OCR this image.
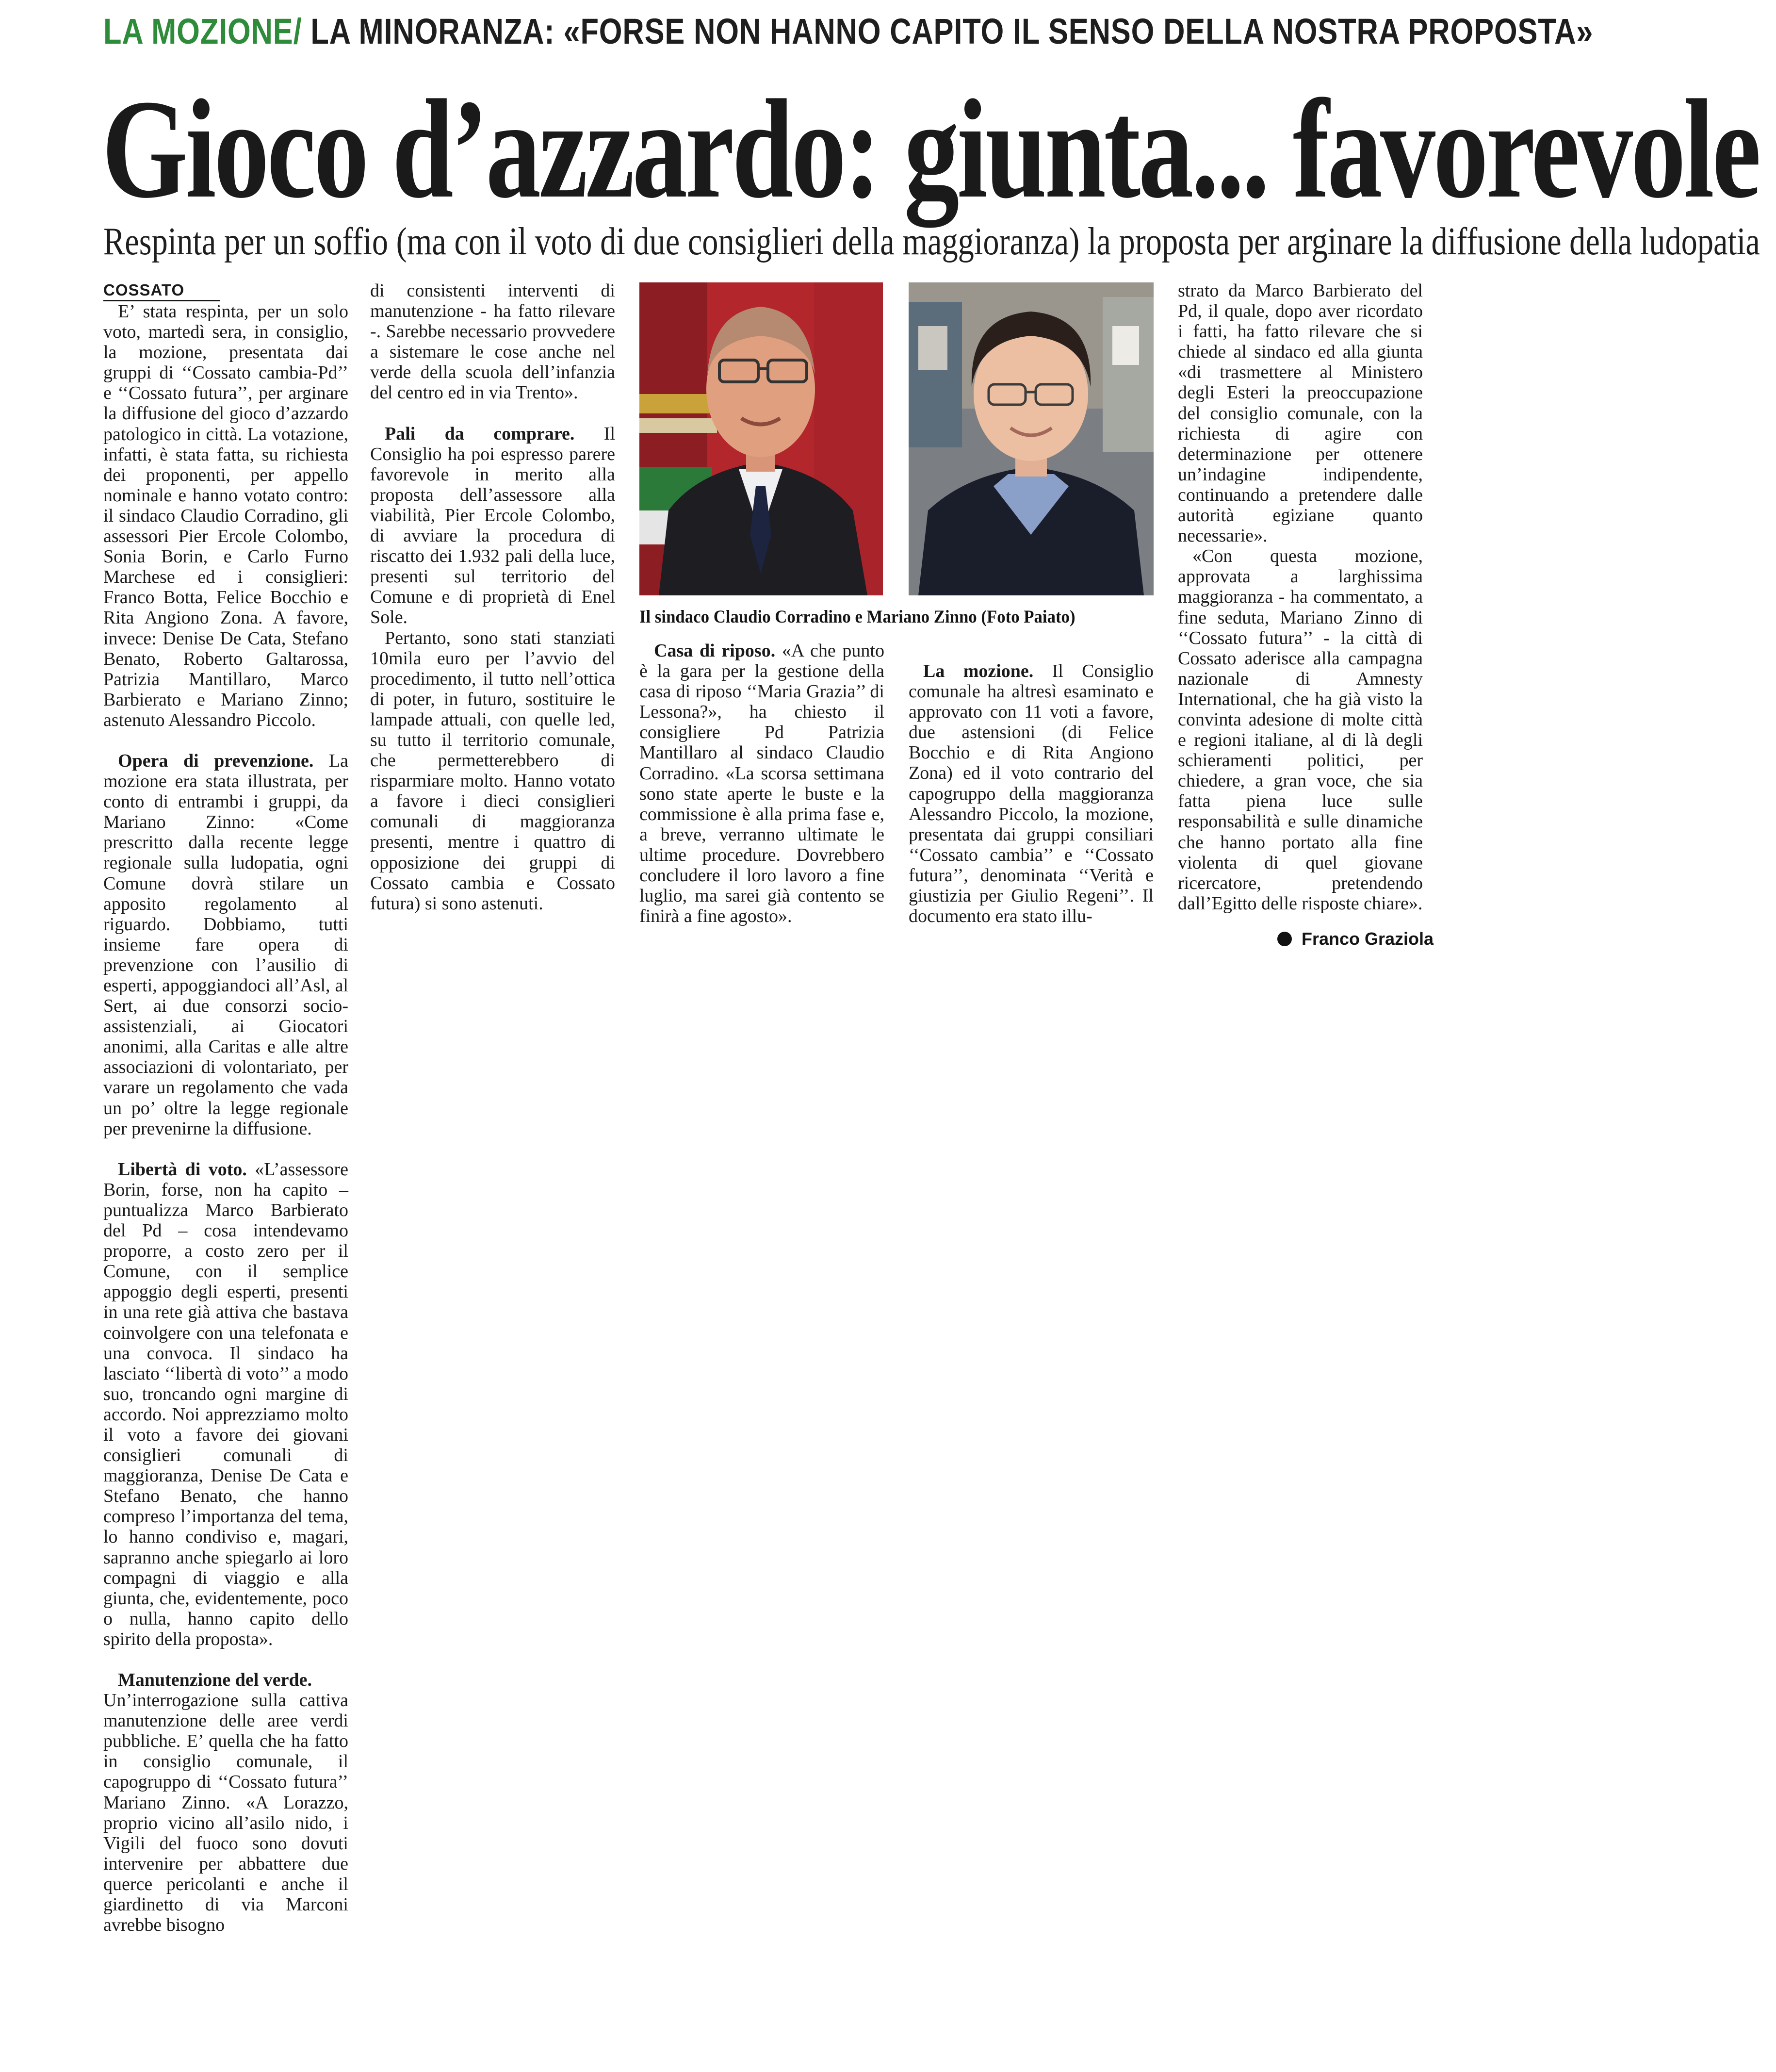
LA MOZIONE/ LA MINORANZA: «FORSE NON HANNO CAPITO IL SENSO DELLA NOSTRA PROPOSTA»
Gioco d’azzardo: giunta... favorevole
Respinta per un soffio (ma con il voto di due consiglieri della maggioranza) la proposta per arginare la diffusione della ludopatia
COSSATO

E’ stata respinta, per un solo voto, martedì sera, in consiglio, la mozione, presentata dai gruppi di ‘‘Cossato cambia-Pd’’ e ‘‘Cossato futura’’, per arginare la diffusione del gioco d’azzardo patologico in città. La votazione, infatti, è stata fatta, su richiesta dei proponenti, per appello nominale e hanno votato contro: il sindaco Claudio Corradino, gli assessori Pier Ercole Colombo, Sonia Borin, e Carlo Furno Marchese ed i consiglieri: Franco Botta, Felice Bocchio e Rita Angiono Zona. A favore, invece: Denise De Cata, Stefano Benato, Roberto Galtarossa, Patrizia Mantillaro, Marco Barbierato e Mariano Zinno; astenuto Alessandro Piccolo.

Opera di prevenzione. La mozione era stata illustrata, per conto di entrambi i gruppi, da Mariano Zinno: «Come prescritto dalla recente legge regionale sulla ludopatia, ogni Comune dovrà stilare un apposito regolamento al riguardo. Dobbiamo, tutti insieme fare opera di prevenzione con l’ausilio di esperti, appoggiandoci all’Asl, al Sert, ai due consorzi socio-assistenziali, ai Giocatori anonimi, alla Caritas e alle altre associazioni di volontariato, per varare un regolamento che vada un po’ oltre la legge regionale per prevenirne la diffusione.

Libertà di voto. «L’assessore Borin, forse, non ha capito – puntualizza Marco Barbierato del Pd – cosa intendevamo proporre, a costo zero per il Comune, con il semplice appoggio degli esperti, presenti in una rete già attiva che bastava coinvolgere con una telefonata e una convoca. Il sindaco ha lasciato ‘‘libertà di voto’’ a modo suo, troncando ogni margine di accordo. Noi apprezziamo molto il voto a favore dei giovani consiglieri comunali di maggioranza, Denise De Cata e Stefano Benato, che hanno compreso l’importanza del tema, lo hanno condiviso e, magari, sapranno anche spiegarlo ai loro compagni di viaggio e alla giunta, che, evidentemente, poco o nulla, hanno capito dello spirito della proposta».

Manutenzione del verde.

Un’interrogazione sulla cattiva manutenzione delle aree verdi pubbliche. E’ quella che ha fatto in consiglio comunale, il capogruppo di ‘‘Cossato futura’’ Mariano Zinno. «A Lorazzo, proprio vicino all’asilo nido, i Vigili del fuoco sono dovuti intervenire per abbattere due querce pericolanti e anche il giardinetto di via Marconi avrebbe bisogno

di consistenti interventi di manutenzione - ha fatto rilevare -. Sarebbe necessario provvedere a sistemare le cose anche nel verde della scuola dell’infanzia del centro ed in via Trento».

Pali da comprare. Il Consiglio ha poi espresso parere favorevole in merito alla proposta dell’assessore alla viabilità, Pier Ercole Colombo, di avviare la procedura di riscatto dei 1.932 pali della luce, presenti sul territorio del Comune e di proprietà di Enel Sole.

Pertanto, sono stati stanziati 10mila euro per l’avvio del procedimento, il tutto nell’ottica di poter, in futuro, sostituire le lampade attuali, con quelle led, su tutto il territorio comunale, che permetterebbero di risparmiare molto. Hanno votato a favore i dieci consiglieri comunali di maggioranza presenti, mentre i quattro di opposizione dei gruppi di Cossato cambia e Cossato futura) si sono astenuti.

Il sindaco Claudio Corradino e Mariano Zinno (Foto Paiato)

Casa di riposo. «A che punto è la gara per la gestione della casa di riposo ‘‘Maria Grazia’’ di Lessona?», ha chiesto il consigliere Pd Patrizia Mantillaro al sindaco Claudio Corradino. «La scorsa settimana sono state aperte le buste e la commissione è alla prima fase e, a breve, verranno ultimate le ultime procedure. Dovrebbero concludere il loro lavoro a fine luglio, ma sarei già contento se finirà a fine agosto».

La mozione. Il Consiglio comunale ha altresì esaminato e approvato con 11 voti a favore, due astensioni (di Felice Bocchio e di Rita Angiono Zona) ed il voto contrario del capogruppo della maggioranza Alessandro Piccolo, la mozione, presentata dai gruppi consiliari ‘‘Cossato cambia’’ e ‘‘Cossato futura’’, denominata ‘‘Verità e giustizia per Giulio Regeni’’. Il documento era stato illu-

strato da Marco Barbierato del Pd, il quale, dopo aver ricordato i fatti, ha fatto rilevare che si chiede al sindaco ed alla giunta «di trasmettere al Ministero degli Esteri la preoccupazione del consiglio comunale, con la richiesta di agire con determinazione per ottenere un’indagine indipendente, continuando a pretendere dalle autorità egiziane quanto necessarie».

«Con questa mozione, approvata a larghissima maggioranza - ha commentato, a fine seduta, Mariano Zinno di ‘‘Cossato futura’’ - la città di Cossato aderisce alla campagna nazionale di Amnesty International, che ha già visto la convinta adesione di molte città e regioni italiane, al di là degli schieramenti politici, per chiedere, a gran voce, che sia fatta piena luce sulle responsabilità e sulle dinamiche che hanno portato alla fine violenta di quel giovane ricercatore, pretendendo dall’Egitto delle risposte chiare».

Franco Graziola
